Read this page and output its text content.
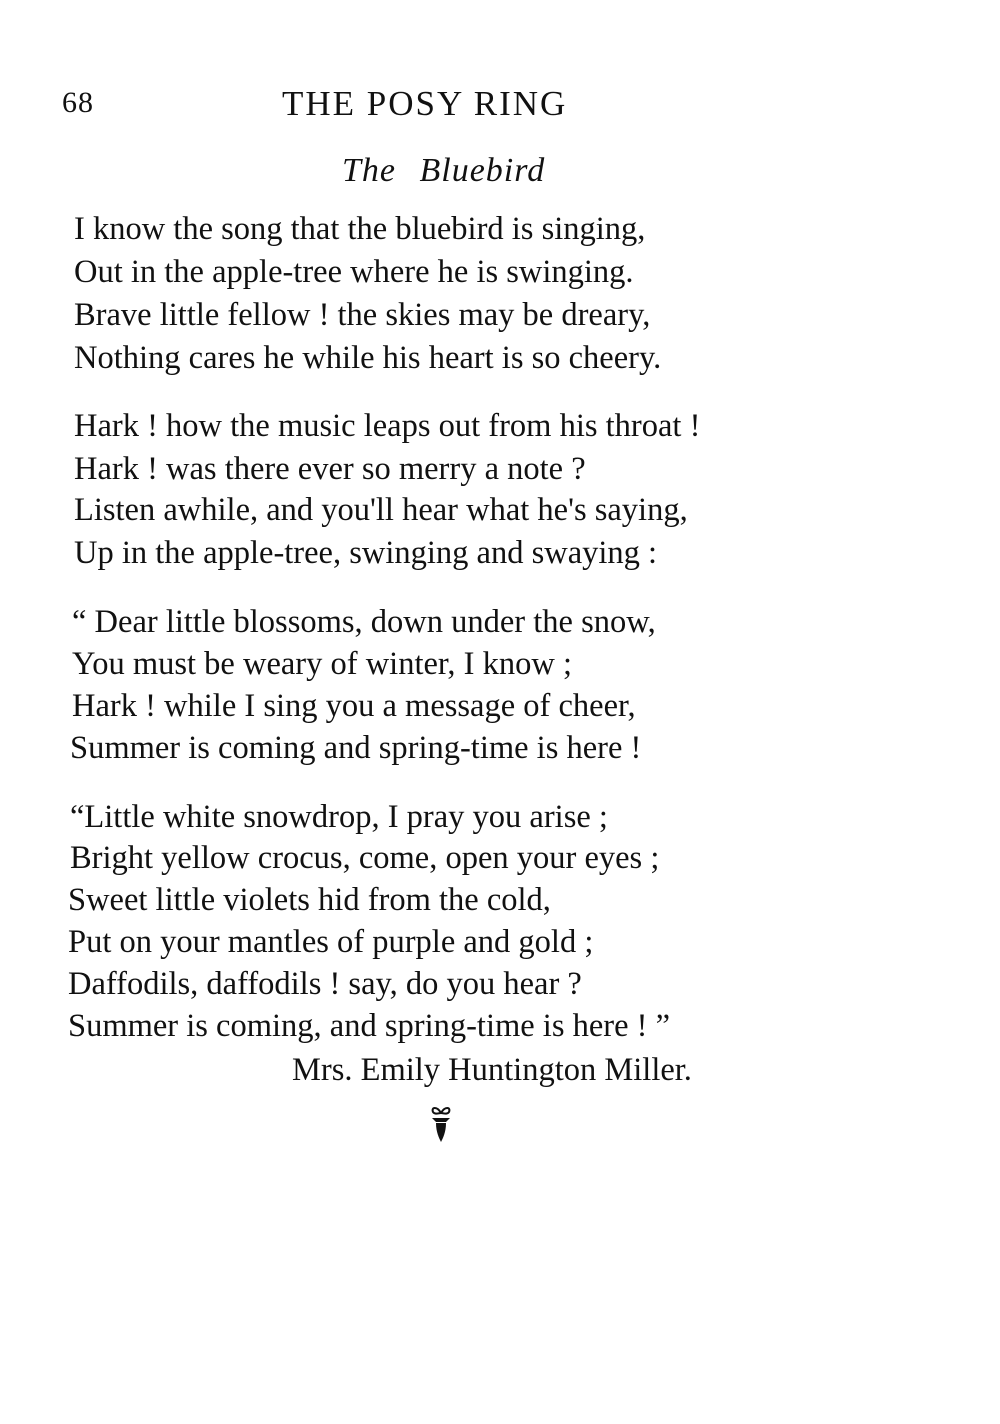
68	THE POSY RING
The Bluebird
I know the song that the bluebird is singing,
Out in the apple-tree where he is swinging.
Brave little fellow ! the skies may be dreary,
Nothing cares he while his heart is so cheery.
Hark ! how the music leaps out from his throat !
Hark ! was there ever so merry a note ?
Listen awhile, and you'll hear what he's saying,
Up in the apple-tree, swinging and swaying :
“ Dear little blossoms, down under the snow,
You must be weary of winter, I know ;
Hark ! while I sing you a message of cheer,
Summer is coming and spring-time is here !
“Little white snowdrop, I pray you arise ;
Bright yellow crocus, come, open your eyes ;
Sweet little violets hid from the cold,
Put on your mantles of purple and gold ;
Daffodils, daffodils ! say, do you hear ?
Summer is coming, and spring-time is here ! ”
Mrs. Emily Huntington Miller.
